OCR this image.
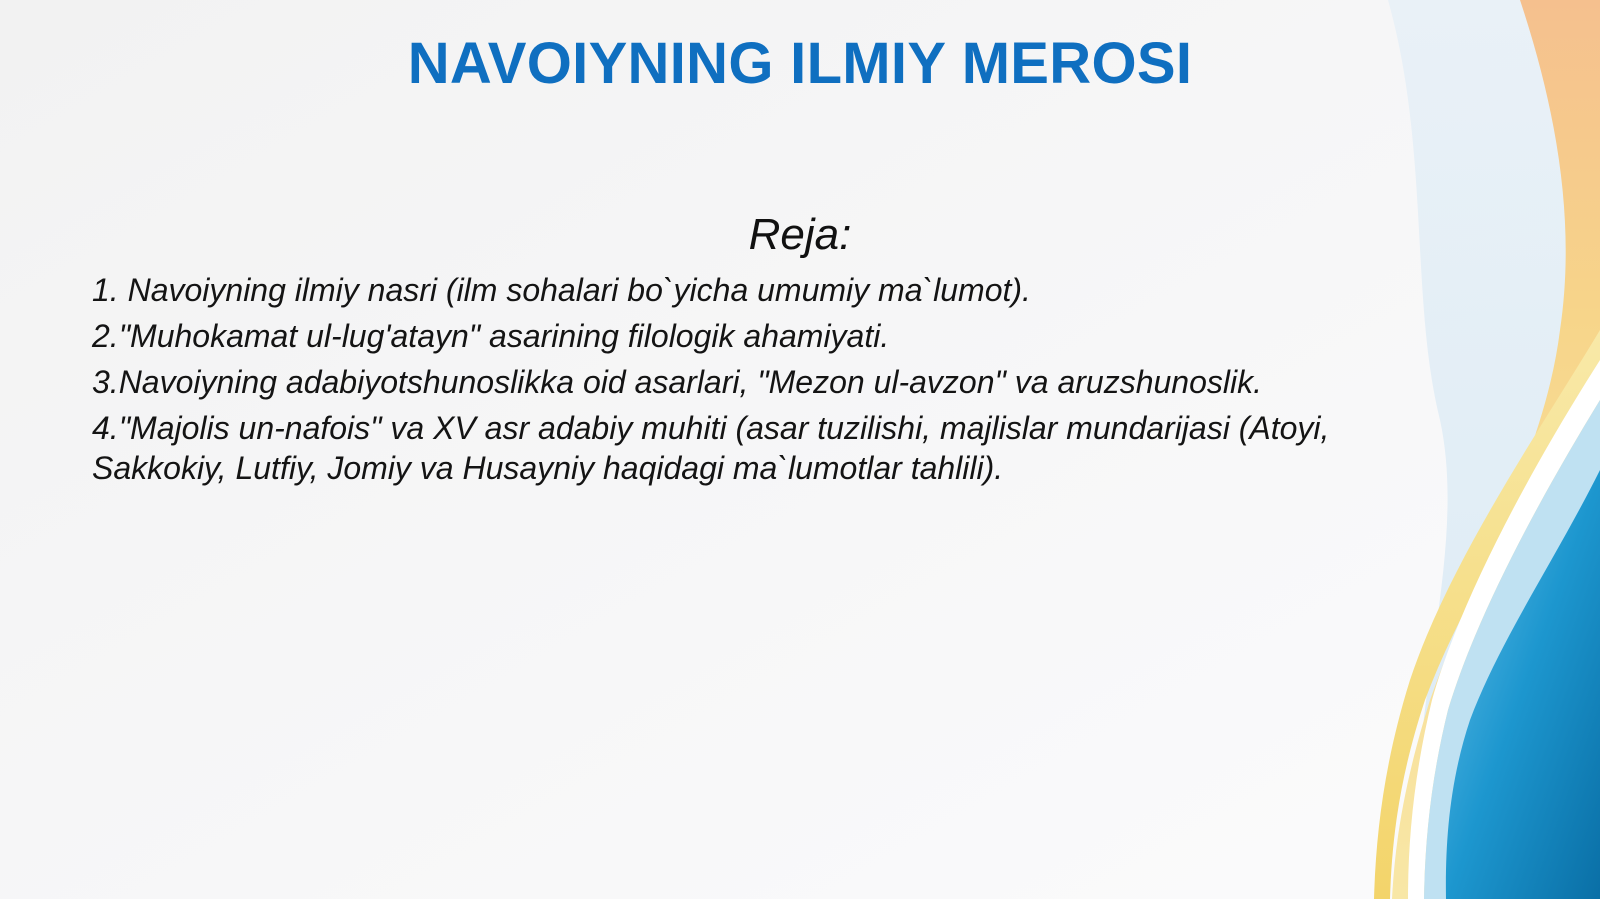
NAVOIYNING ILMIY MEROSI
Reja:
1. Navoiyning ilmiy nasri (ilm sohalari bo`yicha umumiy ma`lumot).
2."Muhokamat ul-lug'atayn" asarining filologik ahamiyati.
3.Navoiyning adabiyotshunoslikka oid asarlari, "Mezon ul-avzon" va aruzshunoslik.
4."Majolis un-nafois" va XV asr adabiy muhiti (asar tuzilishi, majlislar mundarijasi (Atoyi, Sakkokiy, Lutfiy, Jomiy va Husayniy haqidagi ma`lumotlar tahlili).
